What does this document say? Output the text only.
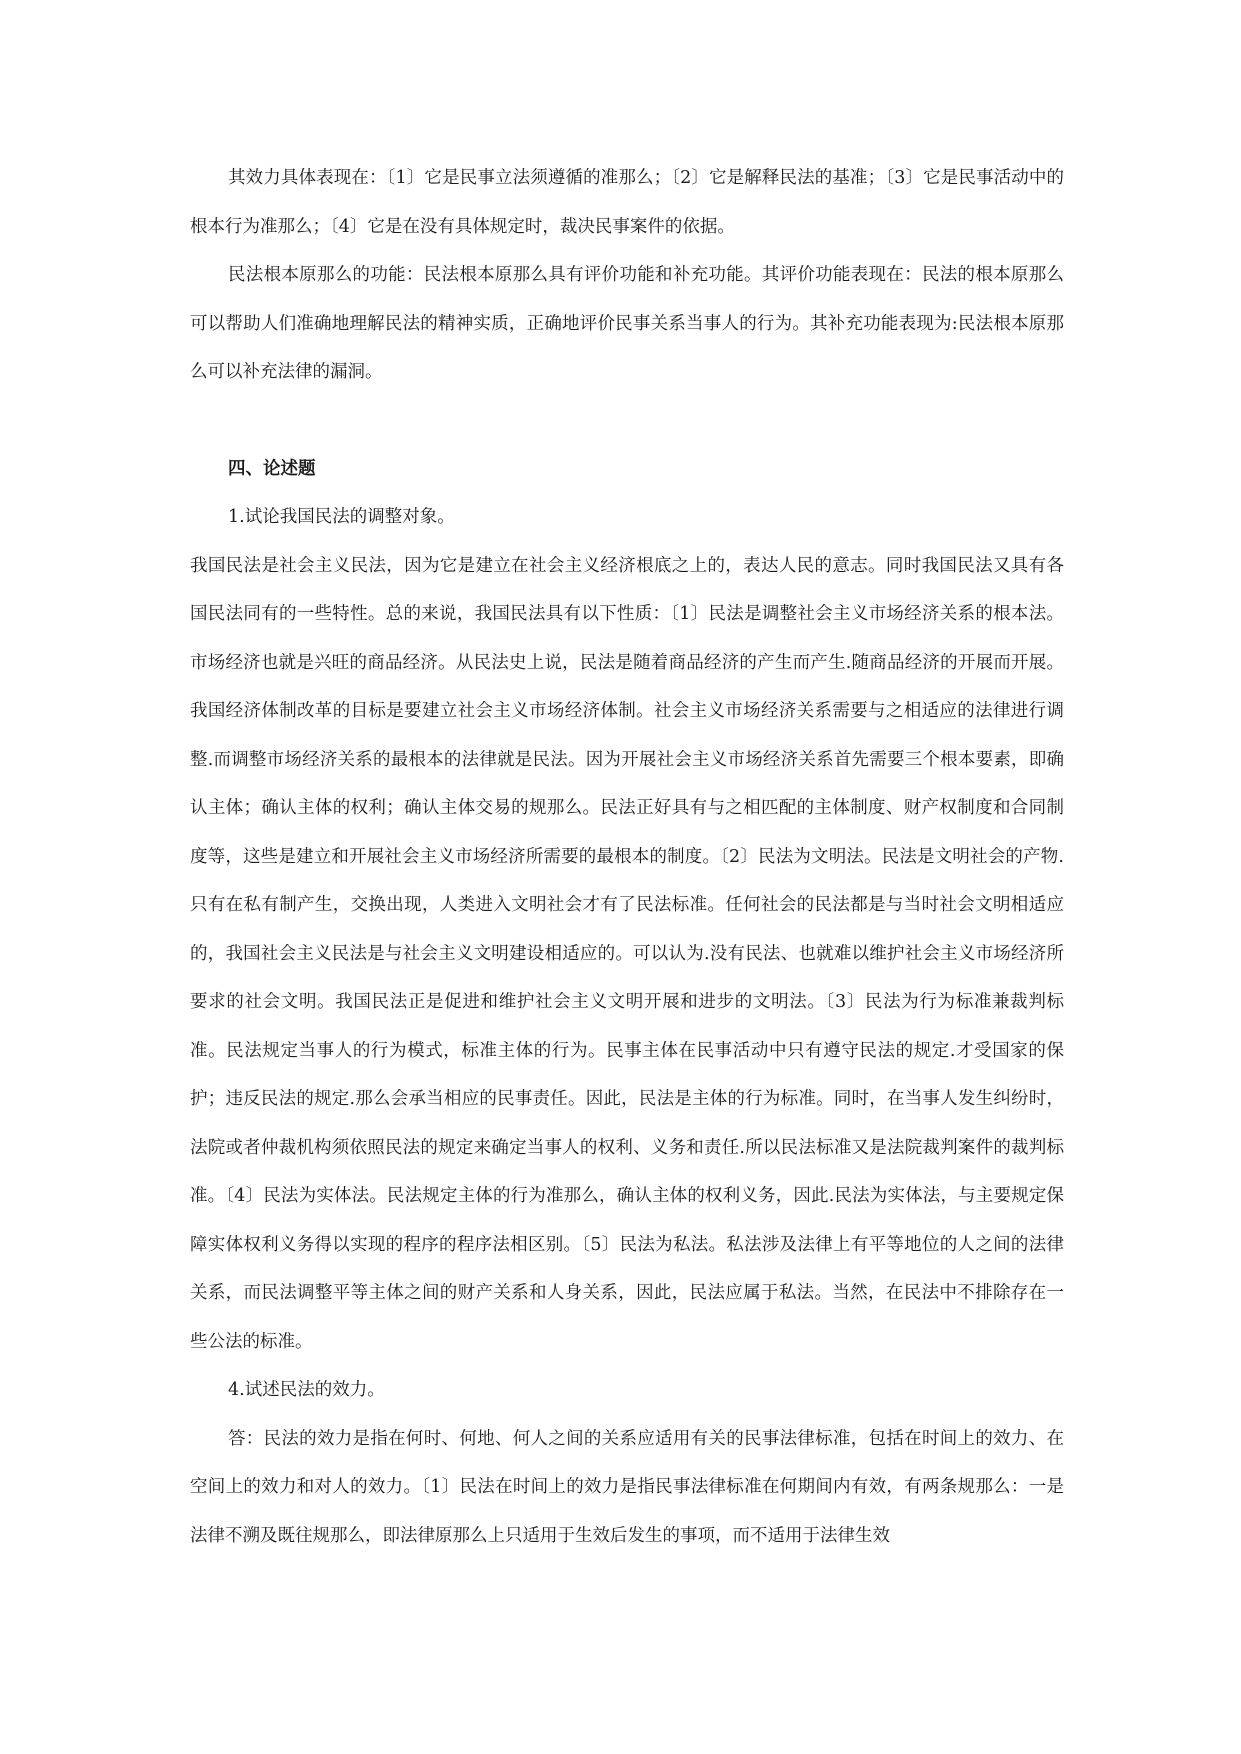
其效力具体表现在：〔1〕它是民事立法须遵循的准那么；〔2〕它是解释民法的基准；〔3〕它是民事活动中的根本行为准那么；〔4〕它是在没有具体规定时，裁决民事案件的依据。

民法根本原那么的功能：民法根本原那么具有评价功能和补充功能。其评价功能表现在：民法的根本原那么可以帮助人们准确地理解民法的精神实质，正确地评价民事关系当事人的行为。其补充功能表现为:民法根本原那么可以补充法律的漏洞。

四、论述题

1.试论我国民法的调整对象。

我国民法是社会主义民法，因为它是建立在社会主义经济根底之上的，表达人民的意志。同时我国民法又具有各国民法同有的一些特性。总的来说，我国民法具有以下性质：〔1〕民法是调整社会主义市场经济关系的根本法。市场经济也就是兴旺的商品经济。从民法史上说，民法是随着商品经济的产生而产生.随商品经济的开展而开展。我国经济体制改革的目标是要建立社会主义市场经济体制。社会主义市场经济关系需要与之相适应的法律进行调整.而调整市场经济关系的最根本的法律就是民法。因为开展社会主义市场经济关系首先需要三个根本要素，即确认主体；确认主体的权利；确认主体交易的规那么。民法正好具有与之相匹配的主体制度、财产权制度和合同制度等，这些是建立和开展社会主义市场经济所需要的最根本的制度。〔2〕民法为文明法。民法是文明社会的产物.只有在私有制产生，交换出现，人类进入文明社会才有了民法标准。任何社会的民法都是与当时社会文明相适应的，我国社会主义民法是与社会主义文明建设相适应的。可以认为.没有民法、也就难以维护社会主义市场经济所要求的社会文明。我国民法正是促进和维护社会主义文明开展和进步的文明法。〔3〕民法为行为标准兼裁判标准。民法规定当事人的行为模式，标准主体的行为。民事主体在民事活动中只有遵守民法的规定.才受国家的保护；违反民法的规定.那么会承当相应的民事责任。因此，民法是主体的行为标准。同时，在当事人发生纠纷时，法院或者仲裁机构须依照民法的规定来确定当事人的权利、义务和责任.所以民法标准又是法院裁判案件的裁判标准。〔4〕民法为实体法。民法规定主体的行为准那么，确认主体的权利义务，因此.民法为实体法，与主要规定保障实体权利义务得以实现的程序的程序法相区别。〔5〕民法为私法。私法涉及法律上有平等地位的人之间的法律关系，而民法调整平等主体之间的财产关系和人身关系，因此，民法应属于私法。当然，在民法中不排除存在一些公法的标准。

4.试述民法的效力。

答：民法的效力是指在何时、何地、何人之间的关系应适用有关的民事法律标准，包括在时间上的效力、在空间上的效力和对人的效力。〔1〕民法在时间上的效力是指民事法律标准在何期间内有效，有两条规那么：一是法律不溯及既往规那么，即法律原那么上只适用于生效后发生的事项，而不适用于法律生效
